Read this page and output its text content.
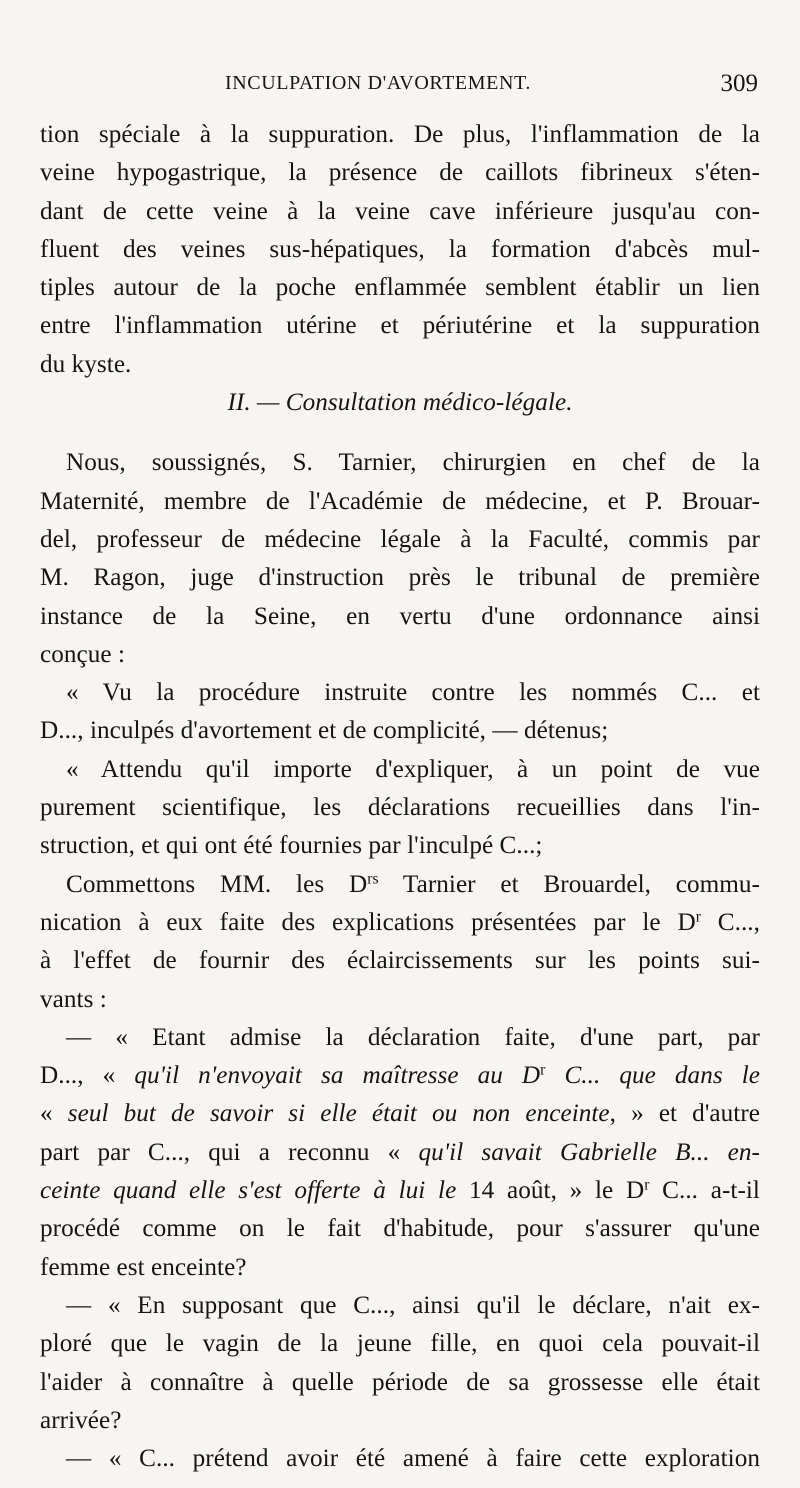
INCULPATION D'AVORTEMENT.	309
tion spéciale à la suppuration. De plus, l'inflammation de la
veine hypogastrique, la présence de caillots fibrineux s'éten-
dant de cette veine à la veine cave inférieure jusqu'au con-
fluent des veines sus-hépatiques, la formation d'abcès mul-
tiples autour de la poche enflammée semblent établir un lien
entre l'inflammation utérine et périutérine et la suppuration
du kyste.
II. — Consultation médico-légale.
Nous, soussignés, S. Tarnier, chirurgien en chef de la
Maternité, membre de l'Académie de médecine, et P. Brouar-
del, professeur de médecine légale à la Faculté, commis par
M. Ragon, juge d'instruction près le tribunal de première
instance de la Seine, en vertu d'une ordonnance ainsi
conçue :
« Vu la procédure instruite contre les nommés C... et
D..., inculpés d'avortement et de complicité, — détenus;
« Attendu qu'il importe d'expliquer, à un point de vue
purement scientifique, les déclarations recueillies dans l'in-
struction, et qui ont été fournies par l'inculpé C...;
Commettons MM. les $D^{rs}$ Tarnier et Brouardel, commu-
nication à eux faite des explications présentées par le $D^r$ C...,
à l'effet de fournir des éclaircissements sur les points sui-
vants :
— « Etant admise la déclaration faite, d'une part, par
D..., « qu'il n'envoyait sa maîtresse au $D^r$ C... que dans le
« seul but de savoir si elle était ou non enceinte, » et d'autre
part par C..., qui a reconnu « qu'il savait Gabrielle B... en-
ceinte quand elle s'est offerte à lui le 14 août, » le $D^r$ C... a-t-il
procédé comme on le fait d'habitude, pour s'assurer qu'une
femme est enceinte?
— « En supposant que C..., ainsi qu'il le déclare, n'ait ex-
ploré que le vagin de la jeune fille, en quoi cela pouvait-il
l'aider à connaître à quelle période de sa grossesse elle était
arrivée?
— « C... prétend avoir été amené à faire cette exploration
